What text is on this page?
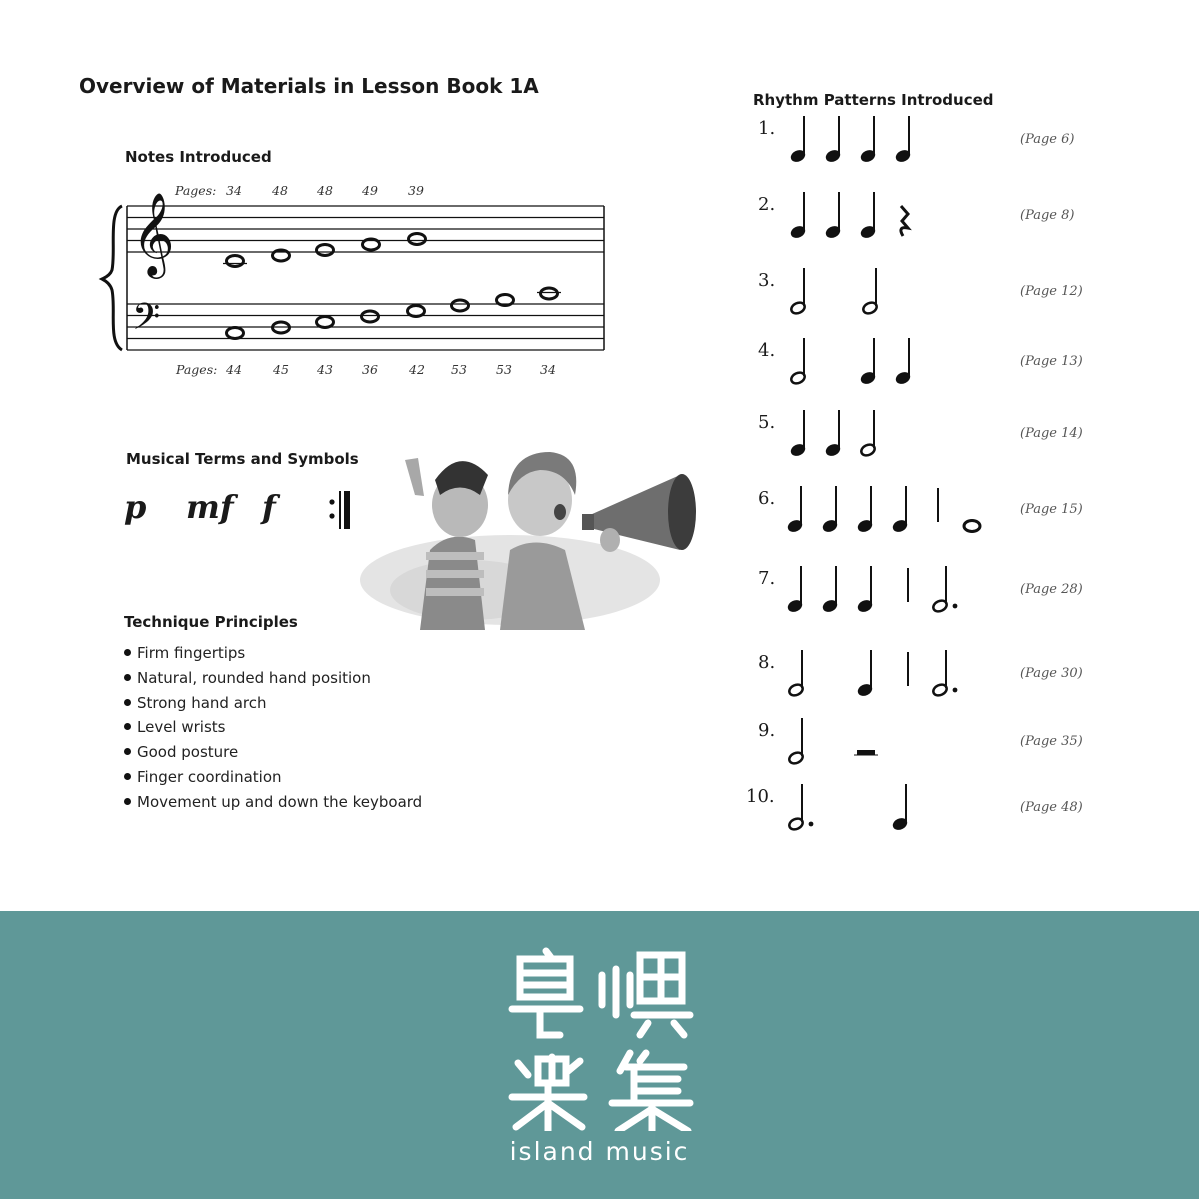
Overview of Materials in Lesson Book 1A
Notes Introduced
𝄞
𝄢
Pages: 34 48 48 49 39
Pages: 44 45 43 36 42 53 53 34
Musical Terms and Symbols
p mf f
Technique Principles
Firm fingertips
Natural, rounded hand position
Strong hand arch
Level wrists
Good posture
Finger coordination
Movement up and down the keyboard
Rhythm Patterns Introduced
1.
(Page 6)
2.
(Page 8)
3.
(Page 12)
4.
(Page 13)
5.
(Page 14)
6.
(Page 15)
7.
(Page 28)
8.
(Page 30)
9.
(Page 35)
10.
(Page 48)
island music
